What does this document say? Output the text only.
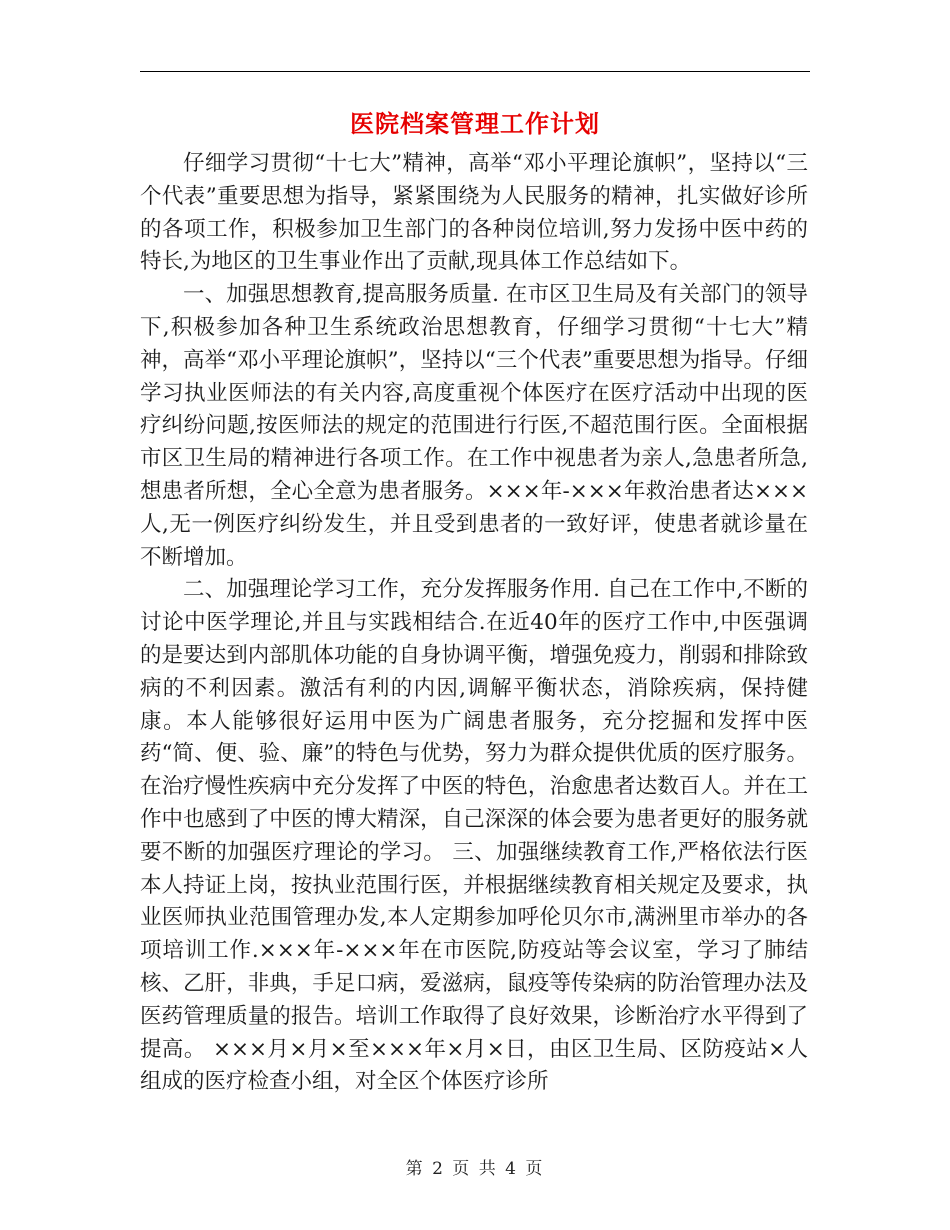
医院档案管理工作计划

仔细学习贯彻“十七大”精神，高举“邓小平理论旗帜”，坚持以“三个代表”重要思想为指导，紧紧围绕为人民服务的精神，扎实做好诊所的各项工作，积极参加卫生部门的各种岗位培训,努力发扬中医中药的特长,为地区的卫生事业作出了贡献,现具体工作总结如下。

一、加强思想教育,提高服务质量. 在市区卫生局及有关部门的领导下,积极参加各种卫生系统政治思想教育，仔细学习贯彻“十七大”精神，高举“邓小平理论旗帜”，坚持以“三个代表”重要思想为指导。仔细学习执业医师法的有关内容,高度重视个体医疗在医疗活动中出现的医疗纠纷问题,按医师法的规定的范围进行行医,不超范围行医。全面根据市区卫生局的精神进行各项工作。在工作中视患者为亲人,急患者所急,想患者所想，全心全意为患者服务。×××年-×××年救治患者达×××人,无一例医疗纠纷发生，并且受到患者的一致好评，使患者就诊量在不断增加。

二、加强理论学习工作，充分发挥服务作用. 自己在工作中,不断的讨论中医学理论,并且与实践相结合.在近40年的医疗工作中,中医强调的是要达到内部肌体功能的自身协调平衡，增强免疫力，削弱和排除致病的不利因素。激活有利的内因,调解平衡状态，消除疾病，保持健康。本人能够很好运用中医为广阔患者服务，充分挖掘和发挥中医药“简、便、验、廉”的特色与优势，努力为群众提供优质的医疗服务。在治疗慢性疾病中充分发挥了中医的特色，治愈患者达数百人。并在工作中也感到了中医的博大精深，自己深深的体会要为患者更好的服务就要不断的加强医疗理论的学习。 三、加强继续教育工作,严格依法行医 本人持证上岗，按执业范围行医，并根据继续教育相关规定及要求，执业医师执业范围管理办发,本人定期参加呼伦贝尔市,满洲里市举办的各项培训工作.×××年-×××年在市医院,防疫站等会议室，学习了肺结核、乙肝，非典，手足口病，爱滋病，鼠疫等传染病的防治管理办法及医药管理质量的报告。培训工作取得了良好效果，诊断治疗水平得到了提高。 ×××月×月×至×××年×月×日，由区卫生局、区防疫站×人组成的医疗检查小组，对全区个体医疗诊所

第 2 页 共 4 页
